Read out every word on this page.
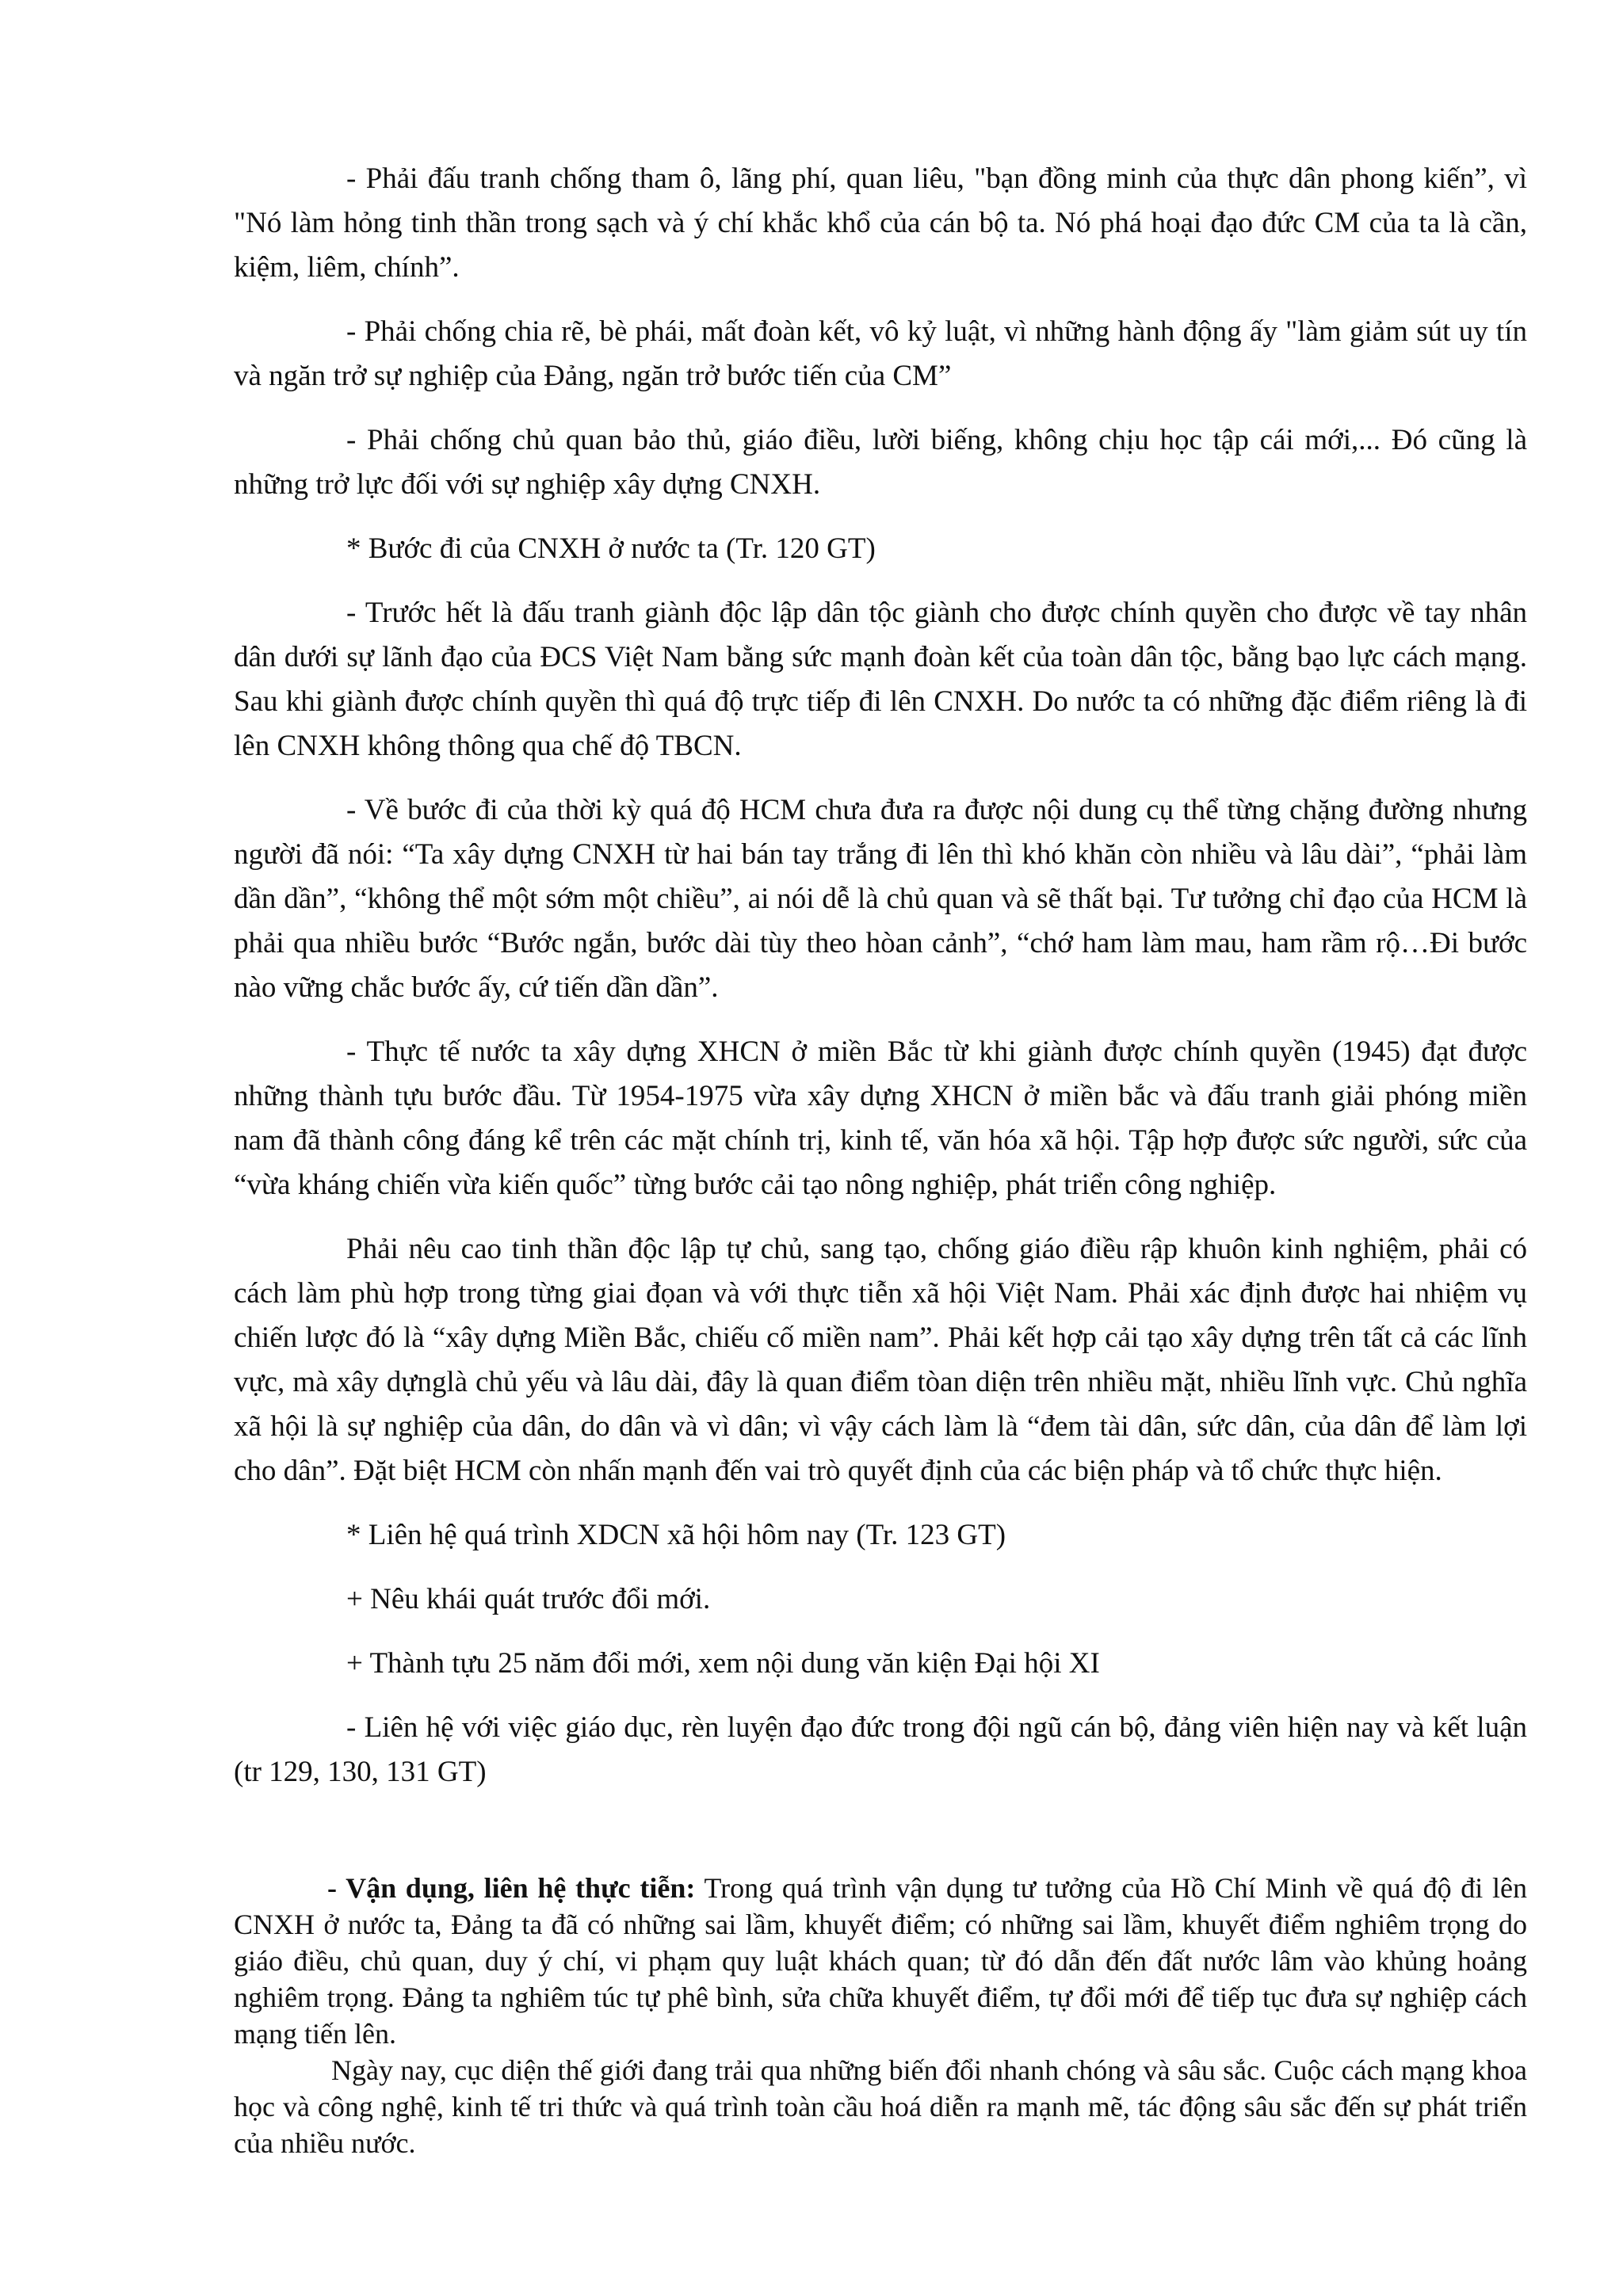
- Phải đấu tranh chống tham ô, lãng phí, quan liêu, "bạn đồng minh của thực dân phong kiến”, vì "Nó làm hỏng tinh thần trong sạch và ý chí khắc khổ của cán bộ ta. Nó phá hoại đạo đức CM của ta là cần, kiệm, liêm, chính”.

- Phải chống chia rẽ, bè phái, mất đoàn kết, vô kỷ luật, vì những hành động ấy "làm giảm sút uy tín và ngăn trở sự nghiệp của Đảng, ngăn trở bước tiến của CM”

- Phải chống chủ quan bảo thủ, giáo điều, lười biếng, không chịu học tập cái mới,... Đó cũng là những trở lực đối với sự nghiệp xây dựng CNXH.

* Bước đi của CNXH ở nước ta (Tr. 120 GT)

- Trước hết là đấu tranh giành độc lập dân tộc giành cho được chính quyền cho được về tay nhân dân dưới sự lãnh đạo của ĐCS Việt Nam bằng sức mạnh đoàn kết của toàn dân tộc, bằng bạo lực cách mạng. Sau khi giành được chính quyền thì quá độ trực tiếp đi lên CNXH. Do nước ta có những đặc điểm riêng là đi lên CNXH không thông qua chế độ TBCN.

- Về bước đi của thời kỳ quá độ HCM chưa đưa ra được nội dung cụ thể từng chặng đường nhưng người đã nói: “Ta xây dựng CNXH từ hai bán tay trắng đi lên thì khó khăn còn nhiều và lâu dài”, “phải làm dần dần”, “không thể một sớm một chiều”, ai nói dễ là chủ quan và sẽ thất bại. Tư tưởng chỉ đạo của HCM là phải qua nhiều bước “Bước ngắn, bước dài tùy theo hòan cảnh”, “chớ ham làm mau, ham rầm rộ…Đi bước nào vững chắc bước ấy, cứ tiến dần dần”.

- Thực tế nước ta xây dựng XHCN ở miền Bắc từ khi giành được chính quyền (1945) đạt được những thành tựu bước đầu. Từ 1954-1975 vừa xây dựng XHCN ở miền bắc và đấu tranh giải phóng miền nam đã thành công đáng kể trên các mặt chính trị, kinh tế, văn hóa xã hội. Tập hợp được sức người, sức của “vừa kháng chiến vừa kiến quốc” từng bước cải tạo nông nghiệp, phát triển công nghiệp.

Phải nêu cao tinh thần độc lập tự chủ, sang tạo, chống giáo điều rập khuôn kinh nghiệm, phải có cách làm phù hợp trong từng giai đọan và với thực tiễn xã hội Việt Nam. Phải xác định được hai nhiệm vụ chiến lược đó là “xây dựng Miền Bắc, chiếu cố miền nam”. Phải kết hợp cải tạo xây dựng trên tất cả các lĩnh vực, mà xây dựnglà chủ yếu và lâu dài, đây là quan điểm tòan diện trên nhiều mặt, nhiều lĩnh vực. Chủ nghĩa xã hội là sự nghiệp của dân, do dân và vì dân; vì vậy cách làm là “đem tài dân, sức dân, của dân để làm lợi cho dân”. Đặt biệt HCM còn nhấn mạnh đến vai trò quyết định của các biện pháp và tổ chức thực hiện.

* Liên hệ quá trình XDCN xã hội hôm nay (Tr. 123 GT)

+ Nêu khái quát trước đổi mới.

+ Thành tựu 25 năm đổi mới, xem nội dung văn kiện Đại hội XI

- Liên hệ với việc giáo dục, rèn luyện đạo đức trong đội ngũ cán bộ, đảng viên hiện nay và kết luận (tr 129, 130, 131 GT)

- Vận dụng, liên hệ thực tiễn: Trong quá trình vận dụng tư tưởng của Hồ Chí Minh về quá độ đi lên CNXH ở nước ta, Đảng ta đã có những sai lầm, khuyết điểm; có những sai lầm, khuyết điểm nghiêm trọng do giáo điều, chủ quan, duy ý chí, vi phạm quy luật khách quan; từ đó dẫn đến đất nước lâm vào khủng hoảng nghiêm trọng. Đảng ta nghiêm túc tự phê bình, sửa chữa khuyết điểm, tự đổi mới để tiếp tục đưa sự nghiệp cách mạng tiến lên.

Ngày nay, cục diện thế giới đang trải qua những biến đổi nhanh chóng và sâu sắc. Cuộc cách mạng khoa học và công nghệ, kinh tế tri thức và quá trình toàn cầu hoá diễn ra mạnh mẽ, tác động sâu sắc đến sự phát triển của nhiều nước.
